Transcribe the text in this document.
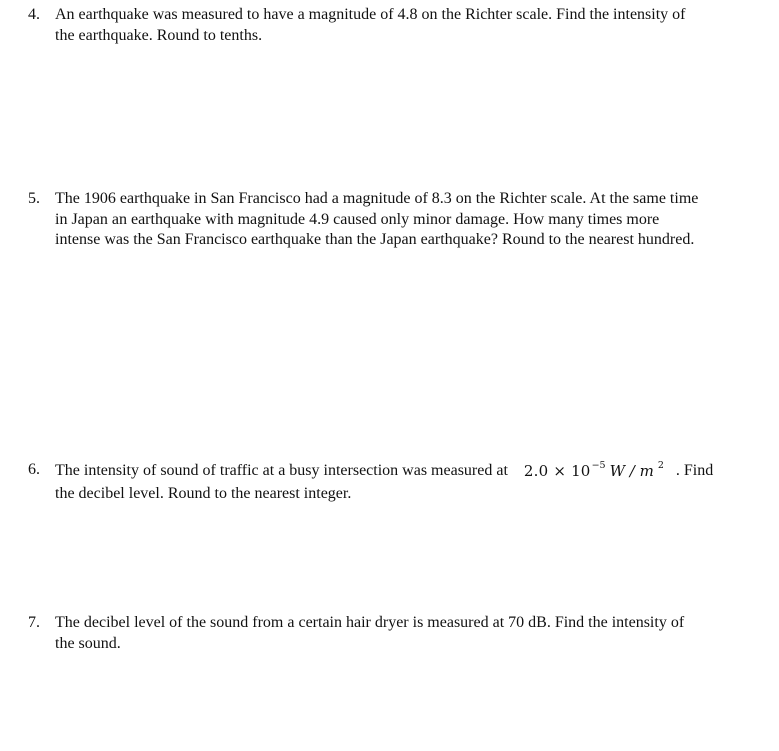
4. An earthquake was measured to have a magnitude of 4.8 on the Richter scale. Find the intensity of
the earthquake. Round to tenths.
5. The 1906 earthquake in San Francisco had a magnitude of 8.3 on the Richter scale. At the same time
in Japan an earthquake with magnitude 4.9 caused only minor damage. How many times more
intense was the San Francisco earthquake than the Japan earthquake? Round to the nearest hundred.
6. The intensity of sound of traffic at a busy intersection was measured at $2.0 \times 10^{-5}$ W / m $^2$ . Find
the decibel level. Round to the nearest integer.
7. The decibel level of the sound from a certain hair dryer is measured at 70 dB. Find the intensity of
the sound.
